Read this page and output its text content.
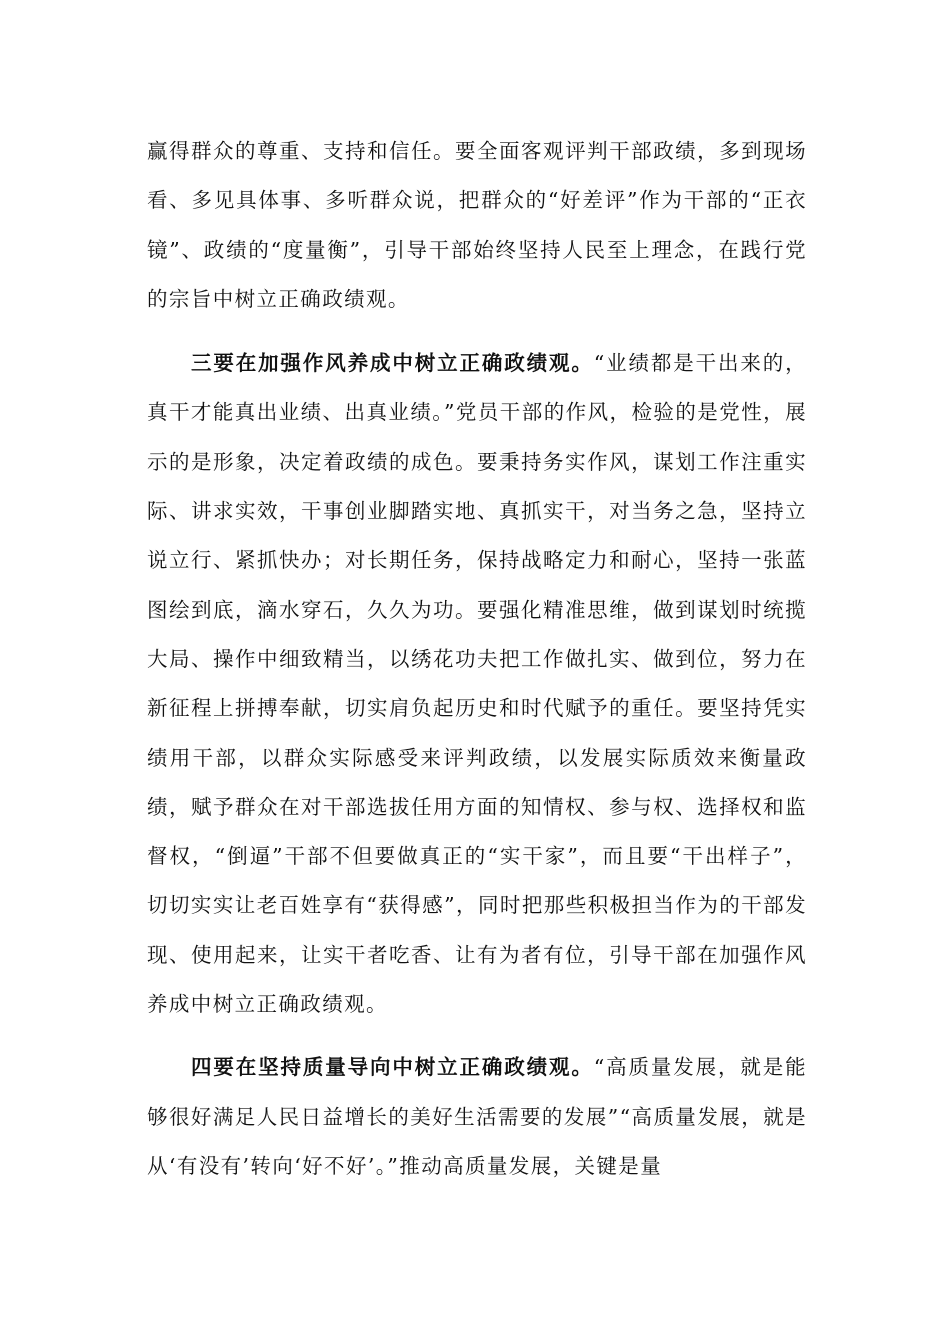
赢得群众的尊重、支持和信任。要全面客观评判干部政绩，多到现场看、多见具体事、多听群众说，把群众的“好差评”作为干部的“正衣镜”、政绩的“度量衡”，引导干部始终坚持人民至上理念，在践行党的宗旨中树立正确政绩观。

三要在加强作风养成中树立正确政绩观。“业绩都是干出来的，真干才能真出业绩、出真业绩。”党员干部的作风，检验的是党性，展示的是形象，决定着政绩的成色。要秉持务实作风，谋划工作注重实际、讲求实效，干事创业脚踏实地、真抓实干，对当务之急，坚持立说立行、紧抓快办；对长期任务，保持战略定力和耐心，坚持一张蓝图绘到底，滴水穿石，久久为功。要强化精准思维，做到谋划时统揽大局、操作中细致精当，以绣花功夫把工作做扎实、做到位，努力在新征程上拼搏奉献，切实肩负起历史和时代赋予的重任。要坚持凭实绩用干部，以群众实际感受来评判政绩，以发展实际质效来衡量政绩，赋予群众在对干部选拔任用方面的知情权、参与权、选择权和监督权，“倒逼”干部不但要做真正的“实干家”，而且要“干出样子”，切切实实让老百姓享有“获得感”，同时把那些积极担当作为的干部发现、使用起来，让实干者吃香、让有为者有位，引导干部在加强作风养成中树立正确政绩观。

四要在坚持质量导向中树立正确政绩观。“高质量发展，就是能够很好满足人民日益增长的美好生活需要的发展”“高质量发展，就是从‘有没有’转向‘好不好’。”推动高质量发展，关键是量
